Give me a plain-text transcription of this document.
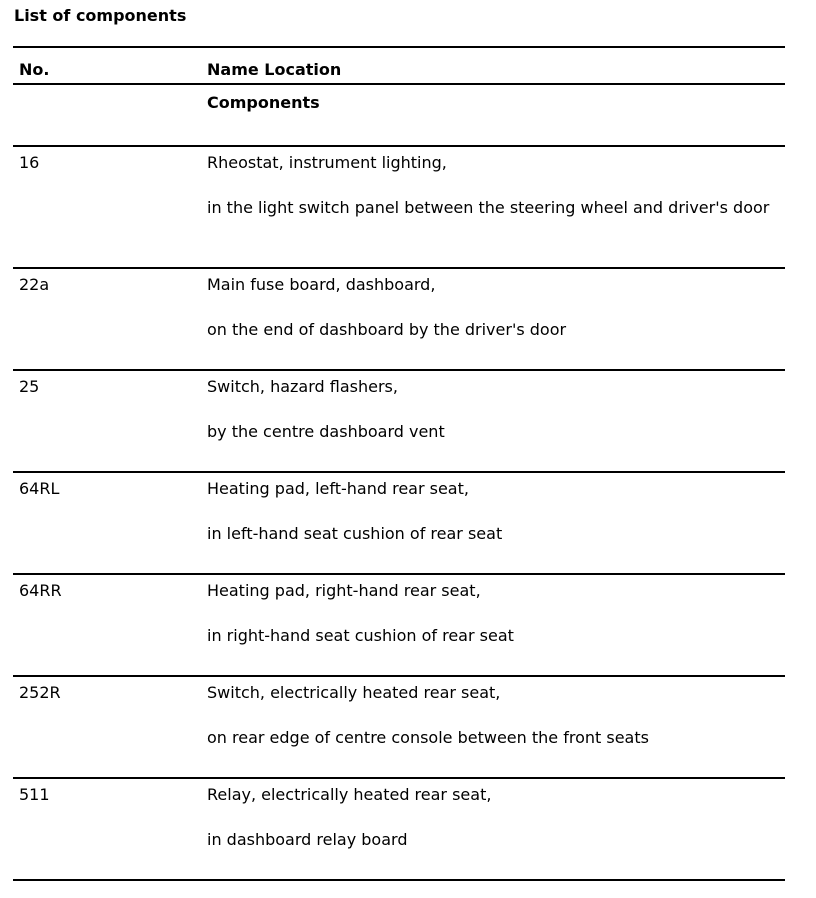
List of components
No.	Name Location
Components
16	Rheostat, instrument lighting,
in the light switch panel between the steering wheel and driver's door
22a	Main fuse board, dashboard,
on the end of dashboard by the driver's door
25	Switch, hazard flashers,
by the centre dashboard vent
64RL	Heating pad, left-hand rear seat,
in left-hand seat cushion of rear seat
64RR	Heating pad, right-hand rear seat,
in right-hand seat cushion of rear seat
252R	Switch, electrically heated rear seat,
on rear edge of centre console between the front seats
511	Relay, electrically heated rear seat,
in dashboard relay board
